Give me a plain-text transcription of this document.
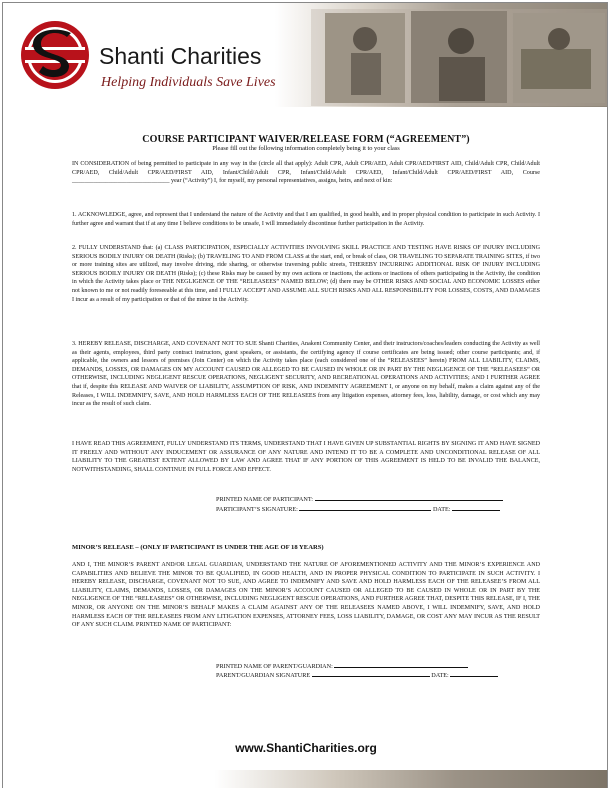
Shanti Charities
Helping Individuals Save Lives
COURSE PARTICIPANT WAIVER/RELEASE FORM (“AGREEMENT”)
Please fill out the following information completely being it to your class
IN CONSIDERATION of being permitted to participate in any way in the (circle all that apply): Adult CPR, Adult CPR/AED, Adult CPR/AED/FIRST AID, Child/Adult CPR, Child/Adult CPR/AED, Child/Adult CPR/AED/FIRST AID, Infant/Child/Adult CPR, Infant/Child/Adult CPR/AED, Infant/Child/Adult CPR/AED/FIRST AID, Course ________________________________ year (“Activity”) I, for myself, my personal representatives, assigns, heirs, and next of kin:
1. ACKNOWLEDGE, agree, and represent that I understand the nature of the Activity and that I am qualified, in good health, and in proper physical condition to participate in such Activity. I further agree and warrant that if at any time I believe conditions to be unsafe, I will immediately discontinue further participation in the Activity.
2. FULLY UNDERSTAND that: (a) CLASS PARTICIPATION, ESPECIALLY ACTIVITIES INVOLVING SKILL PRACTICE AND TESTING HAVE RISKS OF INJURY INCLUDING SERIOUS BODILY INJURY OR DEATH (Risks); (b) TRAVELING TO AND FROM CLASS at the start, end, or break of class, OR TRAVELING TO SEPARATE TRAINING SITES, if two or more training sites are utilized, may involve driving, ride sharing, or otherwise traversing public streets, THEREBY INCURRING ADDITIONAL RISK OF INJURY INCLUDING SERIOUS BODILY INJURY OR DEATH (Risks); (c) these Risks may be caused by my own actions or inactions, the actions or inactions of others participating in the Activity, the condition in which the Activity takes place or THE NEGLIGENCE OF THE “RELEASEES” NAMED BELOW; (d) there may be OTHER RISKS AND SOCIAL AND ECONOMIC LOSSES either not known to me or not readily foreseeable at this time, and I FULLY ACCEPT AND ASSUME ALL SUCH RISKS AND ALL RESPONSIBILITY FOR LOSSES, COSTS, AND DAMAGES I incur as a result of my participation or that of the minor in the Activity.
3. HEREBY RELEASE, DISCHARGE, AND COVENANT NOT TO SUE Shanti Charities, Anakent Community Center, and their instructors/coaches/leaders conducting the Activity as well as their agents, employees, third party contract instructors, guest speakers, or assistants, the certifying agency if course certificates are being issued; other course participants; and, if applicable, the owners and lessors of premises (Join Center) on which the Activity takes place (each considered one of the “RELEASEES” herein) FROM ALL LIABILITY, CLAIMS, DEMANDS, LOSSES, OR DAMAGES ON MY ACCOUNT CAUSED OR ALLEGED TO BE CAUSED IN WHOLE OR IN PART BY THE NEGLIGENCE OF THE “RELEASEES” OR OTHERWISE, INCLUDING NEGLIGENT RESCUE OPERATIONS, NEGLIGENT SECURITY, AND RECREATIONAL OPERATIONS AND ACTIVITIES; AND I FURTHER AGREE that if, despite this RELEASE AND WAIVER OF LIABILITY, ASSUMPTION OF RISK, AND INDEMNITY AGREEMENT I, or anyone on my behalf, makes a claim against any of the Releases, I WILL INDEMNIFY, SAVE, AND HOLD HARMLESS EACH OF THE RELEASEES from any litigation expenses, attorney fees, loss, liability, damage, or cost which any may incur as the result of such claim.
I HAVE READ THIS AGREEMENT, FULLY UNDERSTAND ITS TERMS, UNDERSTAND THAT I HAVE GIVEN UP SUBSTANTIAL RIGHTS BY SIGNING IT AND HAVE SIGNED IT FREELY AND WITHOUT ANY INDUCEMENT OR ASSURANCE OF ANY NATURE AND INTEND IT TO BE A COMPLETE AND UNCONDITIONAL RELEASE OF ALL LIABILITY TO THE GREATEST EXTENT ALLOWED BY LAW AND AGREE THAT IF ANY PORTION OF THIS AGREEMENT IS HELD TO BE INVALID THE BALANCE, NOTWITHSTANDING, SHALL CONTINUE IN FULL FORCE AND EFFECT.
PRINTED NAME OF PARTICIPANT:
PARTICIPANT’S SIGNATURE:	DATE:
MINOR’S RELEASE – (ONLY IF PARTICIPANT IS UNDER THE AGE OF 18 YEARS)
AND I, THE MINOR’S PARENT AND/OR LEGAL GUARDIAN, UNDERSTAND THE NATURE OF AFOREMENTIONED ACTIVITY AND THE MINOR’S EXPERIENCE AND CAPABILITIES AND BELIEVE THE MINOR TO BE QUALIFIED, IN GOOD HEALTH, AND IN PROPER PHYSICAL CONDITION TO PARTICIPATE IN SUCH ACTIVITY. I HEREBY RELEASE, DISCHARGE, COVENANT NOT TO SUE, AND AGREE TO INDEMNIFY AND SAVE AND HOLD HARMLESS EACH OF THE RELEASEE’S FROM ALL LIABILITY, CLAIMS, DEMANDS, LOSSES, OR DAMAGES ON THE MINOR’S ACCOUNT CAUSED OR ALLEGED TO BE CAUSED IN WHOLE OR IN PART BY THE NEGLIGENCE OF THE “RELEASEES” OR OTHERWISE, INCLUDING NEGLIGENT RESCUE OPERATIONS, AND FURTHER AGREE THAT, DESPITE THIS RELEASE, IF I, THE MINOR, OR ANYONE ON THE MINOR’S BEHALF MAKES A CLAIM AGAINST ANY OF THE RELEASEES NAMED ABOVE, I WILL INDEMNIFY, SAVE, AND HOLD HARMLESS EACH OF THE RELEASEES FROM ANY LITIGATION EXPENSES, ATTORNEY FEES, LOSS LIABILITY, DAMAGE, OR COST ANY MAY INCUR AS THE RESULT OF ANY SUCH CLAIM. PRINTED NAME OF PARTICIPANT:
PRINTED NAME OF PARENT/GUARDIAN:
PARENT/GUARDIAN SIGNATURE	DATE:
www.ShantiCharities.org
